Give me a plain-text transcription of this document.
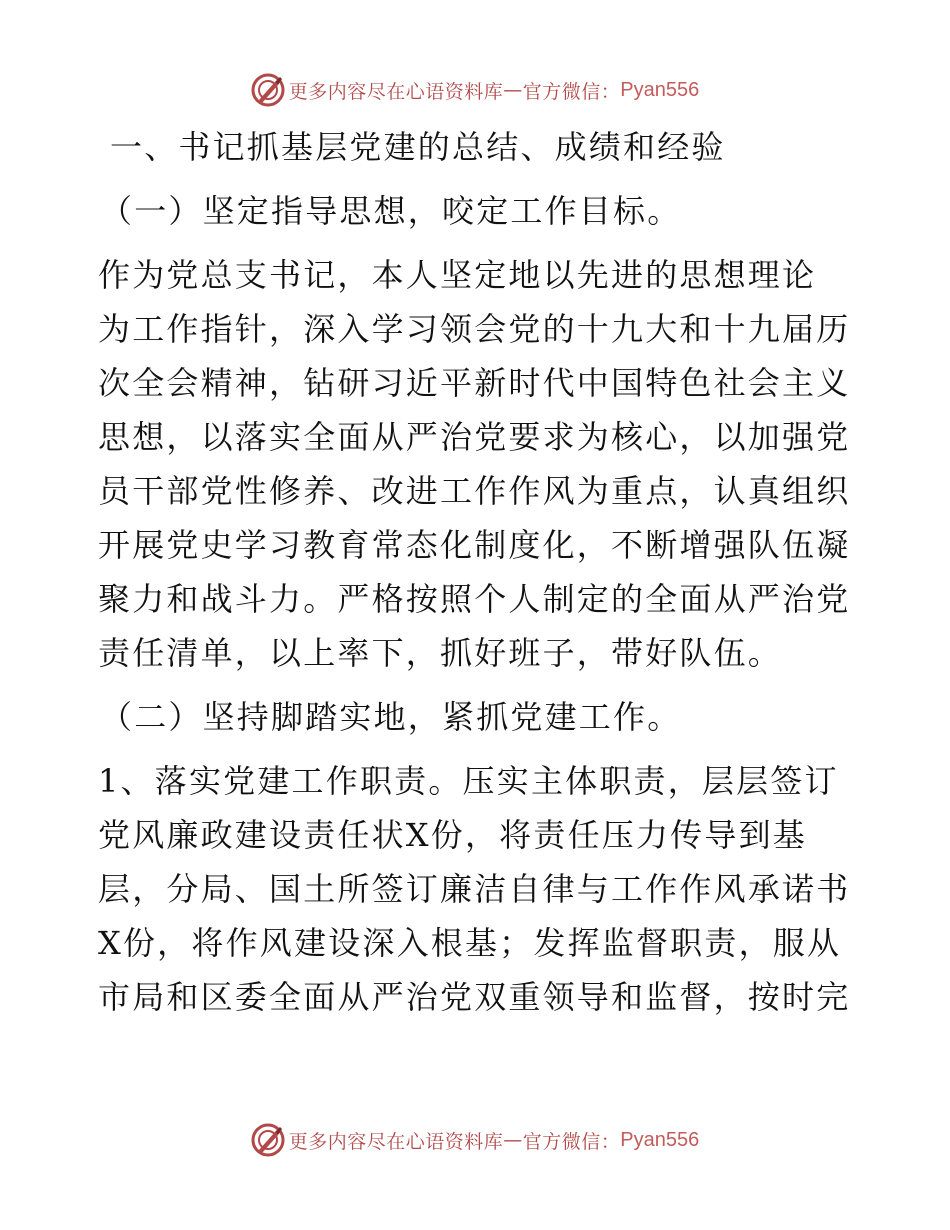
更多内容尽在心语资料库 — 官方微信： Pyan556
一、书记抓基层党建的总结、成绩和经验
（一）坚定指导思想，咬定工作目标。
作为党总支书记，本人坚定地以先进的思想理论
为工作指针，深入学习领会党的十九大和十九届历
次全会精神，钻研习近平新时代中国特色社会主义
思想，以落实全面从严治党要求为核心，以加强党
员干部党性修养、改进工作作风为重点，认真组织
开展党史学习教育常态化制度化，不断增强队伍凝
聚力和战斗力。严格按照个人制定的全面从严治党
责任清单，以上率下，抓好班子，带好队伍。
（二）坚持脚踏实地，紧抓党建工作。
1、落实党建工作职责。压实主体职责，层层签订
党风廉政建设责任状X份，将责任压力传导到基
层，分局、国土所签订廉洁自律与工作作风承诺书
X份，将作风建设深入根基；发挥监督职责，服从
市局和区委全面从严治党双重领导和监督，按时完
更多内容尽在心语资料库 — 官方微信： Pyan556
